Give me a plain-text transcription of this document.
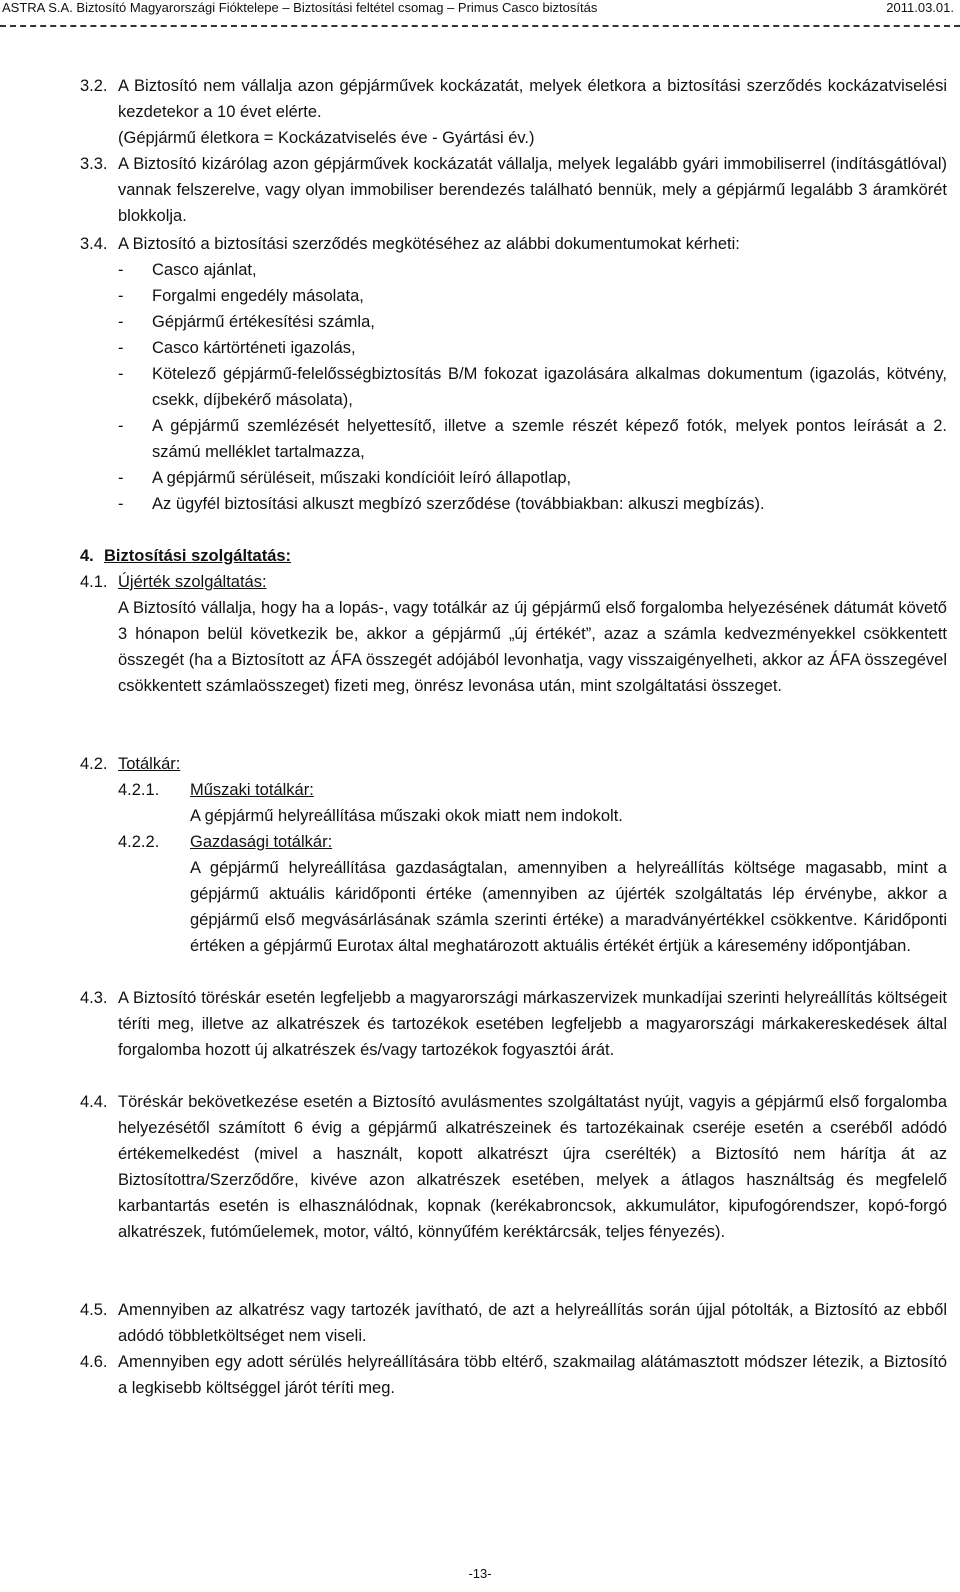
ASTRA S.A. Biztosító Magyarországi Fióktelepe – Biztosítási feltétel csomag – Primus Casco biztosítás	2011.03.01.
3.2. A Biztosító nem vállalja azon gépjárművek kockázatát, melyek életkora a biztosítási szerződés kockázatviselési kezdetekor a 10 évet elérte.
(Gépjármű életkora = Kockázatviselés éve - Gyártási év.)
3.3. A Biztosító kizárólag azon gépjárművek kockázatát vállalja, melyek legalább gyári immobiliserrel (indításgátlóval) vannak felszerelve, vagy olyan immobiliser berendezés található bennük, mely a gépjármű legalább 3 áramkörét blokkolja.
3.4. A Biztosító a biztosítási szerződés megkötéséhez az alábbi dokumentumokat kérheti:
- Casco ajánlat,
- Forgalmi engedély másolata,
- Gépjármű értékesítési számla,
- Casco kártörténeti igazolás,
- Kötelező gépjármű-felelősségbiztosítás B/M fokozat igazolására alkalmas dokumentum (igazolás, kötvény, csekk, díjbekérő másolata),
- A gépjármű szemlézését helyettesítő, illetve a szemle részét képező fotók, melyek pontos leírását a 2. számú melléklet tartalmazza,
- A gépjármű sérüléseit, műszaki kondícióit leíró állapotlap,
- Az ügyfél biztosítási alkuszt megbízó szerződése (továbbiakban: alkuszi megbízás).
4. Biztosítási szolgáltatás:
4.1. Újérték szolgáltatás:
A Biztosító vállalja, hogy ha a lopás-, vagy totálkár az új gépjármű első forgalomba helyezésének dátumát követő 3 hónapon belül következik be, akkor a gépjármű „új értékét”, azaz a számla kedvezményekkel csökkentett összegét (ha a Biztosított az ÁFA összegét adójából levonhatja, vagy visszaigényelheti, akkor az ÁFA összegével csökkentett számlaösszeget) fizeti meg, önrész levonása után, mint szolgáltatási összeget.
4.2. Totálkár:
4.2.1. Műszaki totálkár:
A gépjármű helyreállítása műszaki okok miatt nem indokolt.
4.2.2. Gazdasági totálkár:
A gépjármű helyreállítása gazdaságtalan, amennyiben a helyreállítás költsége magasabb, mint a gépjármű aktuális káridőponti értéke (amennyiben az újérték szolgáltatás lép érvénybe, akkor a gépjármű első megvásárlásának számla szerinti értéke) a maradványértékkel csökkentve. Káridőponti értéken a gépjármű Eurotax által meghatározott aktuális értékét értjük a káresemény időpontjában.
4.3. A Biztosító töréskár esetén legfeljebb a magyarországi márkaszervizek munkadíjai szerinti helyreállítás költségeit téríti meg, illetve az alkatrészek és tartozékok esetében legfeljebb a magyarországi márkakereskedések által forgalomba hozott új alkatrészek és/vagy tartozékok fogyasztói árát.
4.4. Töréskár bekövetkezése esetén a Biztosító avulásmentes szolgáltatást nyújt, vagyis a gépjármű első forgalomba helyezésétől számított 6 évig a gépjármű alkatrészeinek és tartozékainak cseréje esetén a cseréből adódó értékemelkedést (mivel a használt, kopott alkatrészt újra cserélték) a Biztosító nem hárítja át az Biztosítottra/Szerződőre, kivéve azon alkatrészek esetében, melyek a átlagos használtság és megfelelő karbantartás esetén is elhasználódnak, kopnak (kerékabroncsok, akkumulátor, kipufogórendszer, kopó-forgó alkatrészek, futóműelemek, motor, váltó, könnyűfém keréktárcsák, teljes fényezés).
4.5. Amennyiben az alkatrész vagy tartozék javítható, de azt a helyreállítás során újjal pótolták, a Biztosító az ebből adódó többletköltséget nem viseli.
4.6. Amennyiben egy adott sérülés helyreállítására több eltérő, szakmailag alátámasztott módszer létezik, a Biztosító a legkisebb költséggel járót téríti meg.
-13-
